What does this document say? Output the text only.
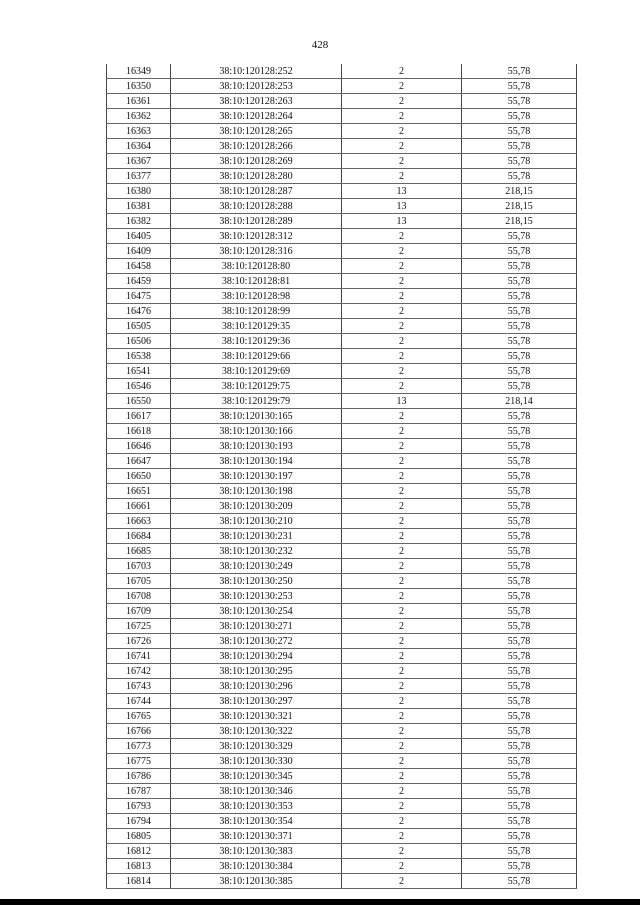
428
16349	38:10:120128:252	2	55,78
16350	38:10:120128:253	2	55,78
16361	38:10:120128:263	2	55,78
16362	38:10:120128:264	2	55,78
16363	38:10:120128:265	2	55,78
16364	38:10:120128:266	2	55,78
16367	38:10:120128:269	2	55,78
16377	38:10:120128:280	2	55,78
16380	38:10:120128:287	13	218,15
16381	38:10:120128:288	13	218,15
16382	38:10:120128:289	13	218,15
16405	38:10:120128:312	2	55,78
16409	38:10:120128:316	2	55,78
16458	38:10:120128:80	2	55,78
16459	38:10:120128:81	2	55,78
16475	38:10:120128:98	2	55,78
16476	38:10:120128:99	2	55,78
16505	38:10:120129:35	2	55,78
16506	38:10:120129:36	2	55,78
16538	38:10:120129:66	2	55,78
16541	38:10:120129:69	2	55,78
16546	38:10:120129:75	2	55,78
16550	38:10:120129:79	13	218,14
16617	38:10:120130:165	2	55,78
16618	38:10:120130:166	2	55,78
16646	38:10:120130:193	2	55,78
16647	38:10:120130:194	2	55,78
16650	38:10:120130:197	2	55,78
16651	38:10:120130:198	2	55,78
16661	38:10:120130:209	2	55,78
16663	38:10:120130:210	2	55,78
16684	38:10:120130:231	2	55,78
16685	38:10:120130:232	2	55,78
16703	38:10:120130:249	2	55,78
16705	38:10:120130:250	2	55,78
16708	38:10:120130:253	2	55,78
16709	38:10:120130:254	2	55,78
16725	38:10:120130:271	2	55,78
16726	38:10:120130:272	2	55,78
16741	38:10:120130:294	2	55,78
16742	38:10:120130:295	2	55,78
16743	38:10:120130:296	2	55,78
16744	38:10:120130:297	2	55,78
16765	38:10:120130:321	2	55,78
16766	38:10:120130:322	2	55,78
16773	38:10:120130:329	2	55,78
16775	38:10:120130:330	2	55,78
16786	38:10:120130:345	2	55,78
16787	38:10:120130:346	2	55,78
16793	38:10:120130:353	2	55,78
16794	38:10:120130:354	2	55,78
16805	38:10:120130:371	2	55,78
16812	38:10:120130:383	2	55,78
16813	38:10:120130:384	2	55,78
16814	38:10:120130:385	2	55,78
